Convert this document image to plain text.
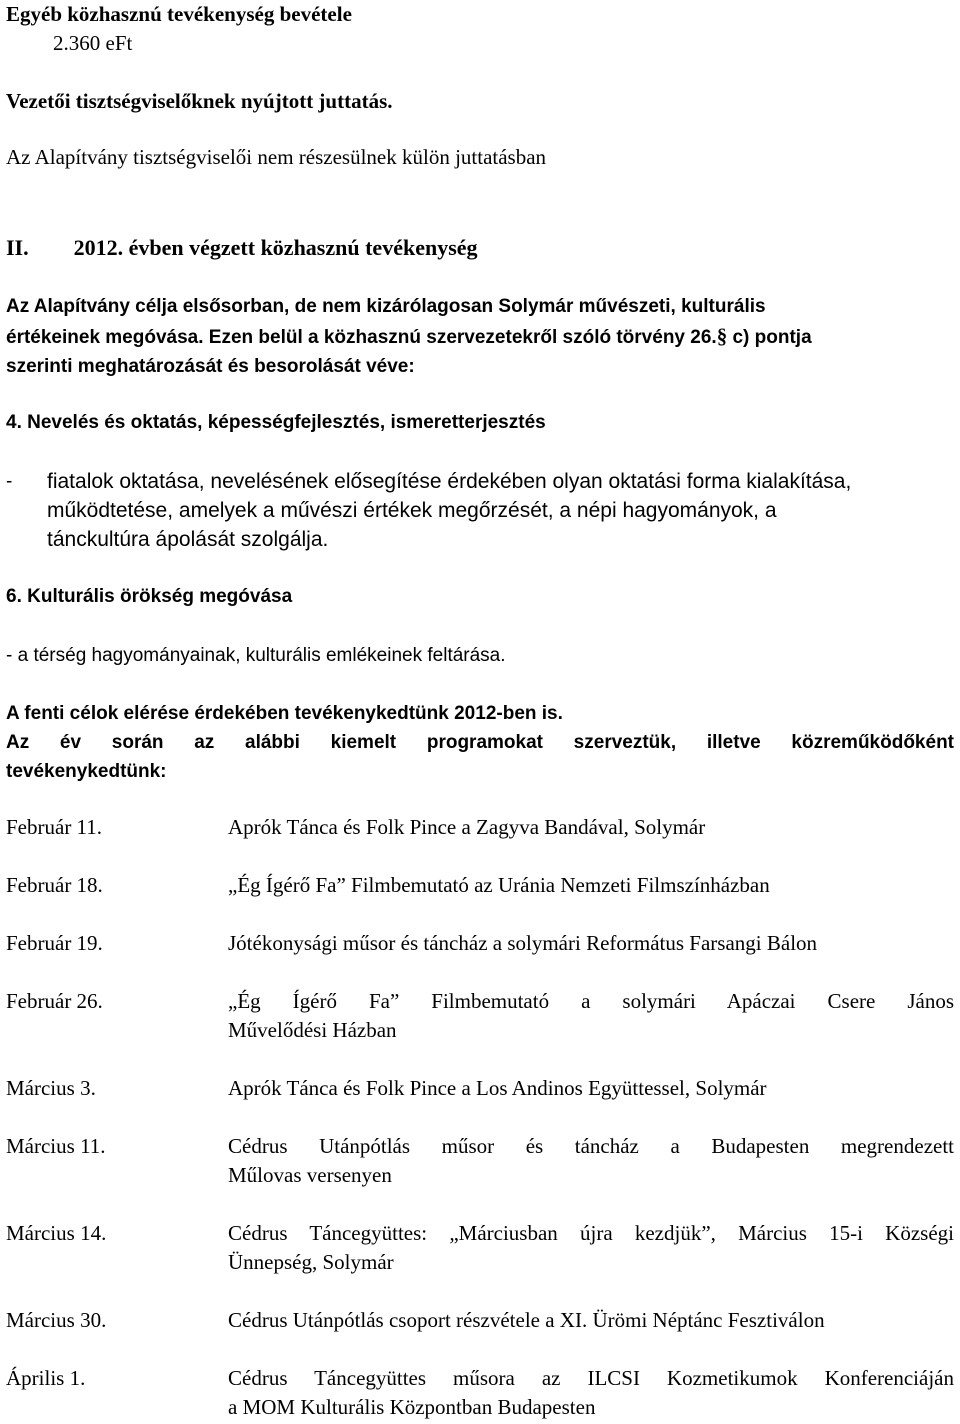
Egyéb közhasznú tevékenység bevétele
2.360 eFt
Vezetői tisztségviselőknek nyújtott juttatás.
Az Alapítvány tisztségviselői nem részesülnek külön juttatásban
II. 2012. évben végzett közhasznú tevékenység
Az Alapítvány célja elsősorban, de nem kizárólagosan Solymár művészeti, kulturális
értékeinek megóvása. Ezen belül a közhasznú szervezetekről szóló törvény 26.§ c) pontja
szerinti meghatározását és besorolását véve:
4. Nevelés és oktatás, képességfejlesztés, ismeretterjesztés
-	fiatalok oktatása, nevelésének elősegítése érdekében olyan oktatási forma kialakítása,
működtetése, amelyek a művészi értékek megőrzését, a népi hagyományok, a
tánckultúra ápolását szolgálja.
6. Kulturális örökség megóvása
- a térség hagyományainak, kulturális emlékeinek feltárása.
A fenti célok elérése érdekében tevékenykedtünk 2012-ben is.
Az év során az alábbi kiemelt programokat szerveztük, illetve közreműködőként
tevékenykedtünk:
Február 11.	Aprók Tánca és Folk Pince a Zagyva Bandával, Solymár
Február 18.	„Ég Ígérő Fa” Filmbemutató az Uránia Nemzeti Filmszínházban
Február 19.	Jótékonysági műsor és táncház a solymári Református Farsangi Bálon
Február 26.	„Ég Ígérő Fa” Filmbemutató a solymári Apáczai Csere János
Művelődési Házban
Március 3.	Aprók Tánca és Folk Pince a Los Andinos Együttessel, Solymár
Március 11.	Cédrus Utánpótlás műsor és táncház a Budapesten megrendezett
Műlovas versenyen
Március 14.	Cédrus Táncegyüttes: „Márciusban újra kezdjük”, Március 15-i Községi
Ünnepség, Solymár
Március 30.	Cédrus Utánpótlás csoport részvétele a XI. Ürömi Néptánc Fesztiválon
Április 1.	Cédrus Táncegyüttes műsora az ILCSI Kozmetikumok Konferenciáján
a MOM Kulturális Központban Budapesten
